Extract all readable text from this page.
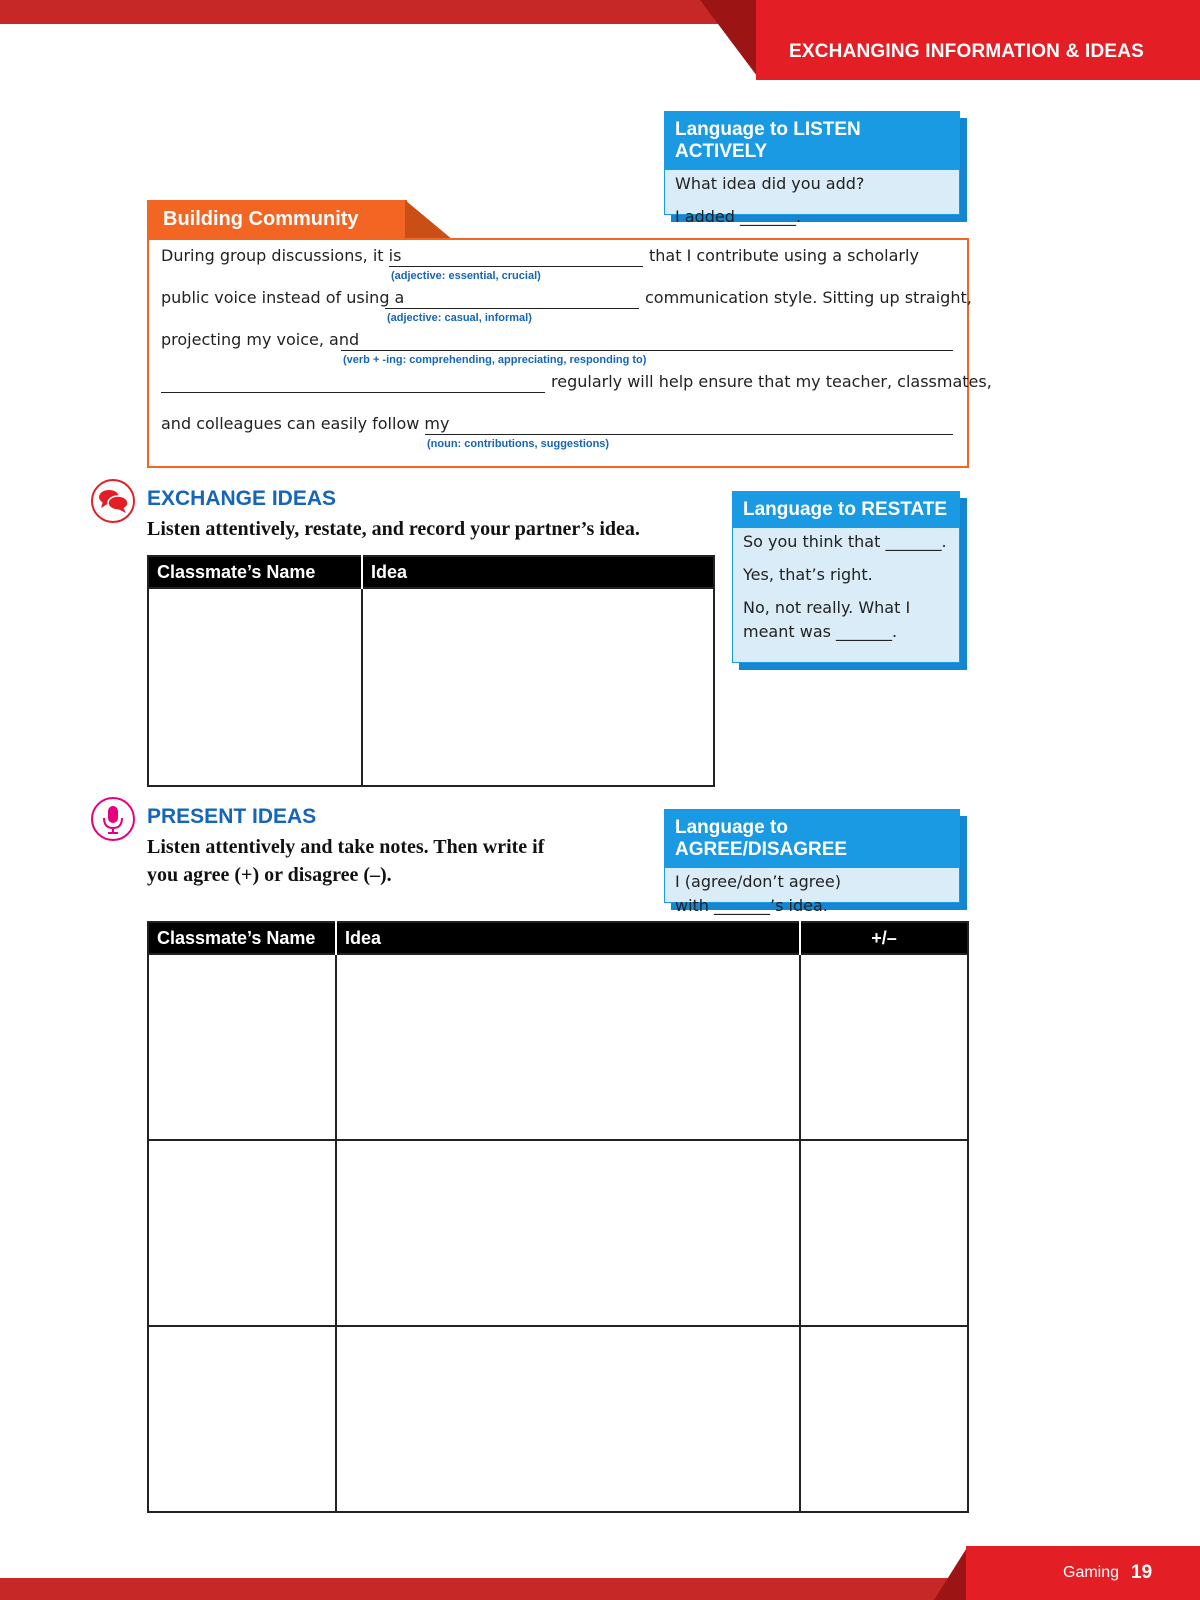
EXCHANGING INFORMATION & IDEAS
Language to LISTEN ACTIVELY
What idea did you add?
I added _______.
Building Community
During group discussions, it is
(adjective: essential, crucial)
that I contribute using a scholarly
public voice instead of using a
(adjective: casual, informal)
communication style. Sitting up straight,
projecting my voice, and
(verb + -ing: comprehending, appreciating, responding to)
regularly will help ensure that my teacher, classmates,
and colleagues can easily follow my
(noun: contributions, suggestions)
EXCHANGE IDEAS
Listen attentively, restate, and record your partner’s idea.
Classmate’s Name	Idea

Language to RESTATE
So you think that _______.
Yes, that’s right.
No, not really. What I
meant was _______.
PRESENT IDEAS
Listen attentively and take notes. Then write if
you agree (+) or disagree (–).
Language to AGREE/DISAGREE
I (agree/don’t agree)
with _______’s idea.
Classmate’s Name	Idea	+/–

Gaming 19
